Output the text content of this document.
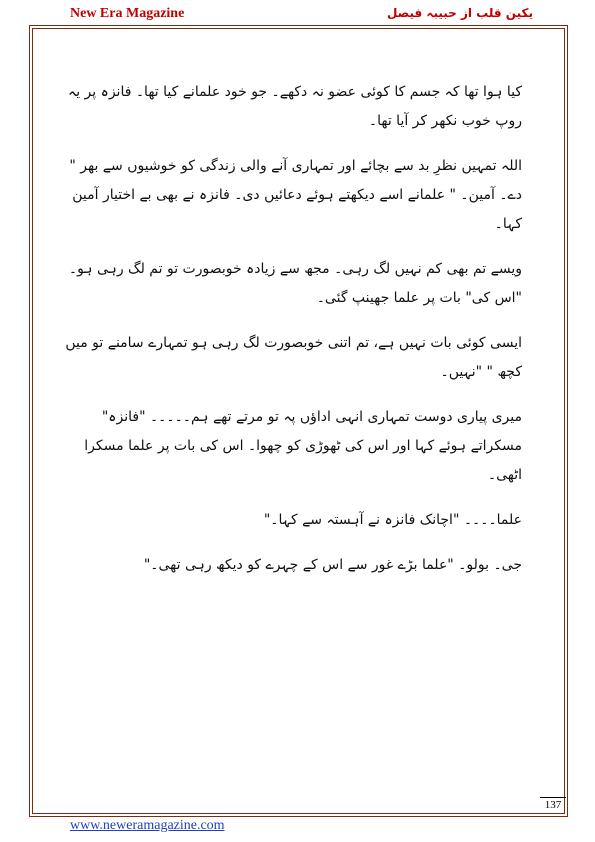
New Era Magazine	یکین قلب از حبیبہ فیصل

کیا ہوا تھا کہ جسم کا کوئی عضو نہ دکھے۔ جو خود علمانے کیا تھا۔ فانزہ پر یہ روپ خوب نکھر کر آیا تھا۔

اللہ تمہیں نظرِ بد سے بچائے اور تمہاری آنے والی زندگی کو خوشیوں سے بھر " دے۔ آمین۔ " علمانے اسے دیکھتے ہوئے دعائیں دی۔ فانزہ نے بھی بے اختیار آمین کہا۔

ویسے تم بھی کم نہیں لگ رہی۔ مجھ سے زیادہ خوبصورت تو تم لگ رہی ہو۔ "اس کی" بات پر علما جھینپ گئی۔

ایسی کوئی بات نہیں ہے، تم اتنی خوبصورت لگ رہی ہو تمہارے سامنے تو میں کچھ " "نہیں۔

میری پیاری دوست تمہاری انہی اداؤں پہ تو مرتے تھے ہم۔۔۔۔۔ "فانزہ" مسکراتے ہوئے کہا اور اس کی ٹھوڑی کو چھوا۔ اس کی بات پر علما مسکرا اٹھی۔

علما۔۔۔۔ "اچانک فانزہ نے آہستہ سے کہا۔"

جی۔ بولو۔ "علما بڑے غور سے اس کے چہرے کو دیکھ رہی تھی۔"

137
www.neweramagazine.com
